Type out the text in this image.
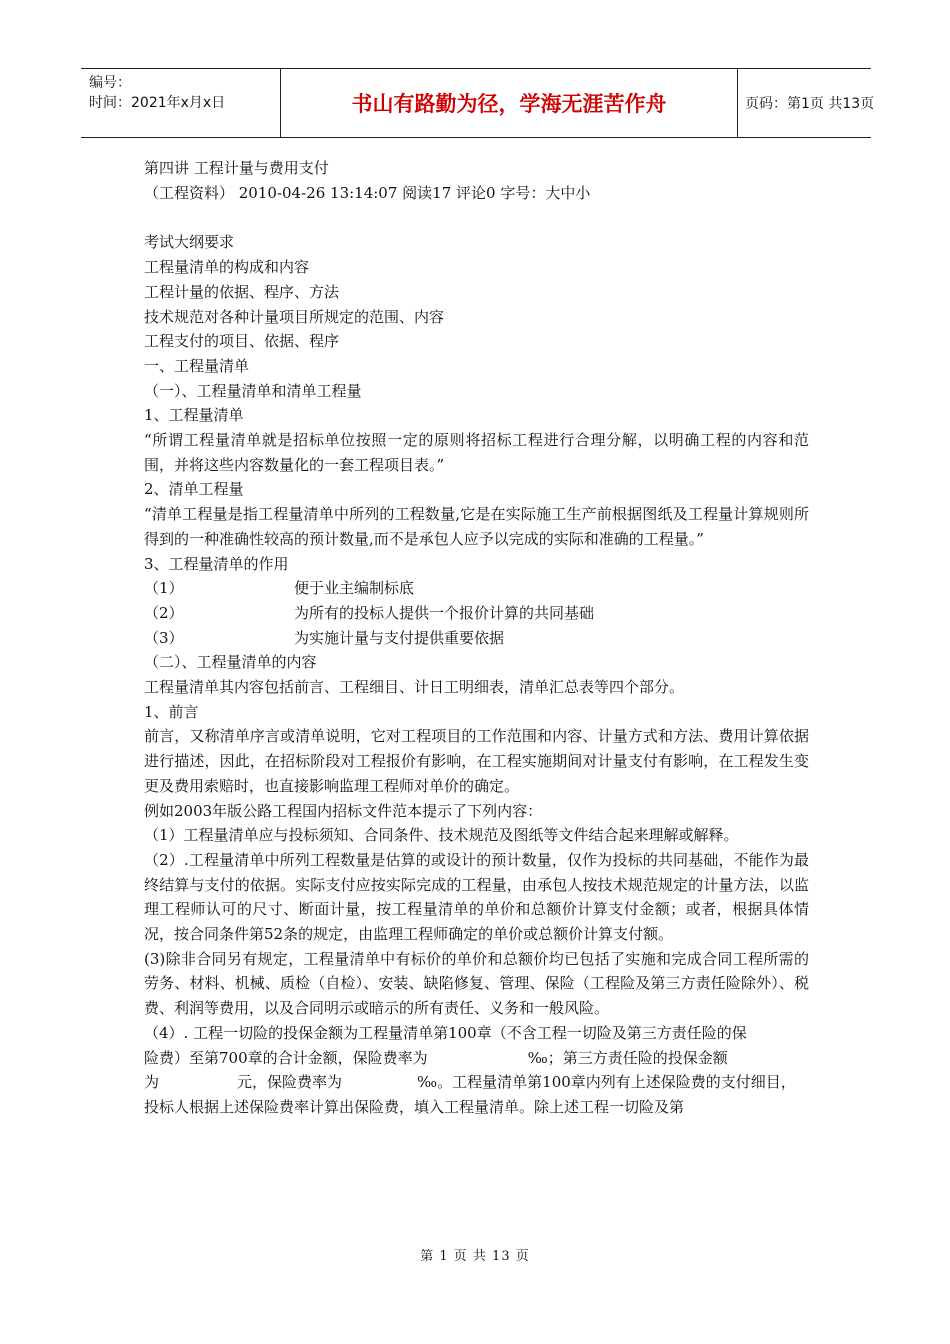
编号：
时间：2021年x月x日	书山有路勤为径，学海无涯苦作舟	页码：第1页 共13页

第四讲 工程计量与费用支付

（工程资料） 2010-04-26 13:14:07 阅读17 评论0 字号：大中小

考试大纲要求

工程量清单的构成和内容

工程计量的依据、程序、方法

技术规范对各种计量项目所规定的范围、内容

工程支付的项目、依据、程序

一、工程量清单

（一）、工程量清单和清单工程量

1、工程量清单

“所谓工程量清单就是招标单位按照一定的原则将招标工程进行合理分解，以明确工程的内容和范围，并将这些内容数量化的一套工程项目表。”

2、清单工程量

“清单工程量是指工程量清单中所列的工程数量,它是在实际施工生产前根据图纸及工程量计算规则所得到的一种准确性较高的预计数量,而不是承包人应予以完成的实际和准确的工程量。”

3、工程量清单的作用

（1）	便于业主编制标底
（2）	为所有的投标人提供一个报价计算的共同基础
（3）	为实施计量与支付提供重要依据

（二）、工程量清单的内容

工程量清单其内容包括前言、工程细目、计日工明细表，清单汇总表等四个部分。

1、前言

前言，又称清单序言或清单说明，它对工程项目的工作范围和内容、计量方式和方法、费用计算依据进行描述，因此，在招标阶段对工程报价有影响，在工程实施期间对计量支付有影响，在工程发生变更及费用索赔时，也直接影响监理工程师对单价的确定。

例如2003年版公路工程国内招标文件范本提示了下列内容：

（1）工程量清单应与投标须知、合同条件、技术规范及图纸等文件结合起来理解或解释。

（2）.工程量清单中所列工程数量是估算的或设计的预计数量，仅作为投标的共同基础，不能作为最终结算与支付的依据。实际支付应按实际完成的工程量，由承包人按技术规范规定的计量方法，以监理工程师认可的尺寸、断面计量，按工程量清单的单价和总额价计算支付金额；或者，根据具体情况，按合同条件第52条的规定，由监理工程师确定的单价或总额价计算支付额。

(3)除非合同另有规定，工程量清单中有标价的单价和总额价均已包括了实施和完成合同工程所需的劳务、材料、机械、质检（自检）、安装、缺陷修复、管理、保险（工程险及第三方责任险除外）、税费、利润等费用，以及合同明示或暗示的所有责任、义务和一般风险。

（4）. 工程一切险的投保金额为工程量清单第100章（不含工程一切险及第三方责任险的保

险费）至第700章的合计金额，保险费率为	‰；第三方责任险的投保金额

为	元，保险费率为	‰。工程量清单第100章内列有上述保险费的支付细目，投标人根据上述保险费率计算出保险费，填入工程量清单。除上述工程一切险及第

第 1 页 共 13 页
